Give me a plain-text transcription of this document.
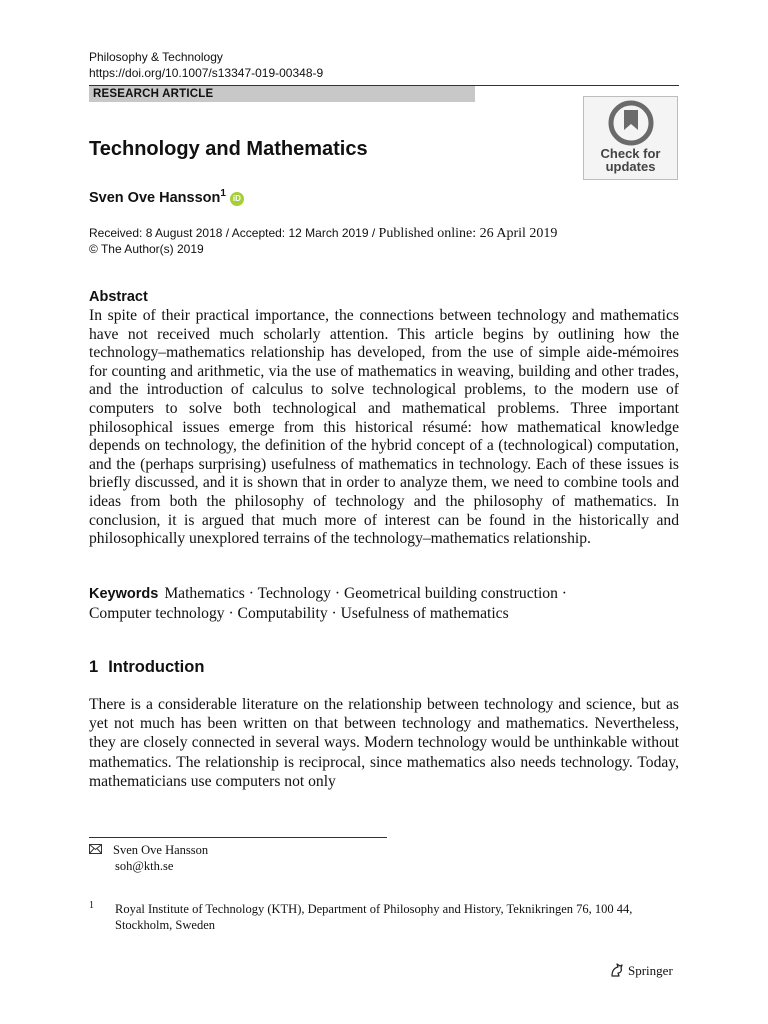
Philosophy & Technology
https://doi.org/10.1007/s13347-019-00348-9
RESEARCH ARTICLE
Check for
updates
Technology and Mathematics
Sven Ove Hansson$^1$ iD
Received: 8 August 2018 / Accepted: 12 March 2019 / Published online: 26 April 2019
© The Author(s) 2019
Abstract

In spite of their practical importance, the connections between technology and mathematics have not received much scholarly attention. This article begins by outlining how the technology–mathematics relationship has developed, from the use of simple aide-mémoires for counting and arithmetic, via the use of mathematics in weaving, building and other trades, and the introduction of calculus to solve technological problems, to the modern use of computers to solve both technological and mathematical problems. Three important philosophical issues emerge from this historical résumé: how mathematical knowledge depends on technology, the definition of the hybrid concept of a (technological) computation, and the (perhaps surprising) usefulness of mathematics in technology. Each of these issues is briefly discussed, and it is shown that in order to analyze them, we need to combine tools and ideas from both the philosophy of technology and the philosophy of mathematics. In conclusion, it is argued that much more of interest can be found in the historically and philosophically unexplored terrains of the technology–mathematics relationship.

Keywords Mathematics · Technology · Geometrical building construction ·
Computer technology · Computability · Usefulness of mathematics

1 Introduction

There is a considerable literature on the relationship between technology and science, but as yet not much has been written on that between technology and mathematics. Nevertheless, they are closely connected in several ways. Modern technology would be unthinkable without mathematics. The relationship is reciprocal, since mathematics also needs technology. Today, mathematicians use computers not only

Sven Ove Hansson
soh@kth.se
1 Royal Institute of Technology (KTH), Department of Philosophy and History, Teknikringen 76, 100 44, Stockholm, Sweden

Springer
